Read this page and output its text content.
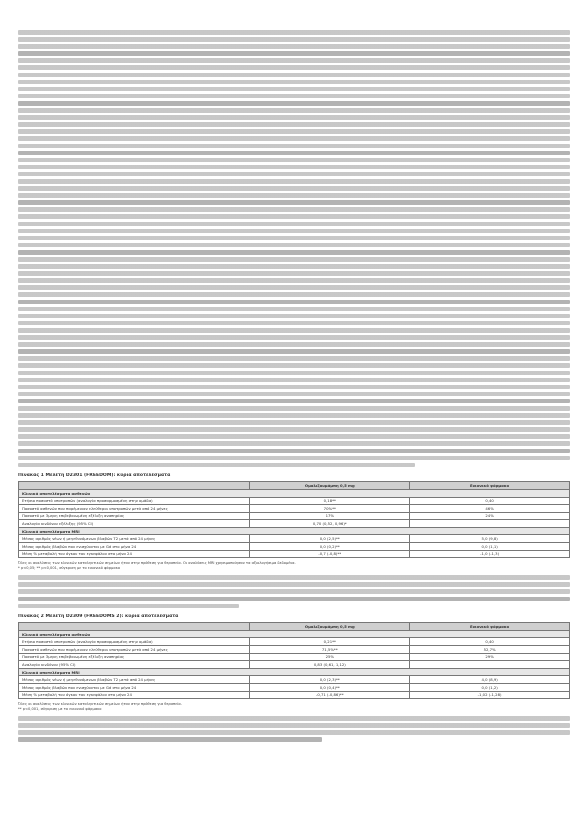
Πίνακας 1 Μελέτη D2301 (FREEDOM): κύρια αποτελέσματα
	Ομαλιζουμάμπη 0,5 mg	Εικονικό φάρμακο
Κλινικά αποτελέσματα ασθενών		
Ετήσιο ποσοστό υποτροπών (αναλογία προσαρμοσμένη στην ομάδα)	0,18**	0,40
Ποσοστό ασθενών που παρέμειναν ελεύθεροι υποτροπών μετά από 24 μήνες	70%**	46%
Ποσοστό με 3μηνη επιβεβαιωμένη εξέλιξη αναπηρίας	17%	24%
Αναλογία κινδύνου εξέλιξης (95% CI)	0,70 (0,52, 0,96)*	
Κλινικά αποτελέσματα MRI		
Μέσος αριθμός νέων ή μεγεθυνόμενων βλαβών T2 μετά από 24 μήνες	0,0 (2,5)**	5,0 (9,8)
Μέσος αριθμός βλαβών που ενισχύονται με Gd στο μήνα 24	0,0 (0,2)**	0,0 (1,1)
Μέση % μεταβολή του όγκου του εγκεφάλου στο μήνα 24	-0,7 (-0,8)**	-1,0 (-1,3)
Όλες οι αναλύσεις των κλινικών καταληκτικών σημείων ήταν στην πρόθεση για θεραπεία. Οι αναλύσεις MRI χρησιμοποίησαν τα αξιολογήσιμα δεδομένα.
* p<0,05; ** p<0,001, σύγκριση με το εικονικό φάρμακο
Πίνακας 2 Μελέτη D2309 (FREEDOMS 2): κύρια αποτελέσματα
	Ομαλιζουμάμπη 0,5 mg	Εικονικό φάρμακο
Κλινικά αποτελέσματα ασθενών		
Ετήσιο ποσοστό υποτροπών (αναλογία προσαρμοσμένη στην ομάδα)	0,21**	0,40
Ποσοστό ασθενών που παρέμειναν ελεύθεροι υποτροπών μετά από 24 μήνες	71,5%**	52,7%
Ποσοστό με 3μηνη επιβεβαιωμένη εξέλιξη αναπηρίας	25%	29%
Αναλογία κινδύνου (95% CI)	0,83 (0,61, 1,12)	
Κλινικά αποτελέσματα MRI		
Μέσος αριθμός νέων ή μεγεθυνόμενων βλαβών T2 μετά από 24 μήνες	0,0 (2,3)**	4,0 (8,9)
Μέσος αριθμός βλαβών που ενισχύονται με Gd στο μήνα 24	0,0 (0,4)**	0,0 (1,2)
Μέση % μεταβολή του όγκου του εγκεφάλου στο μήνα 24	-0,71 (-0,86)**	-1,02 (-1,28)
Όλες οι αναλύσεις των κλινικών καταληκτικών σημείων ήταν στην πρόθεση για θεραπεία.
** p<0,001, σύγκριση με το εικονικό φάρμακο
